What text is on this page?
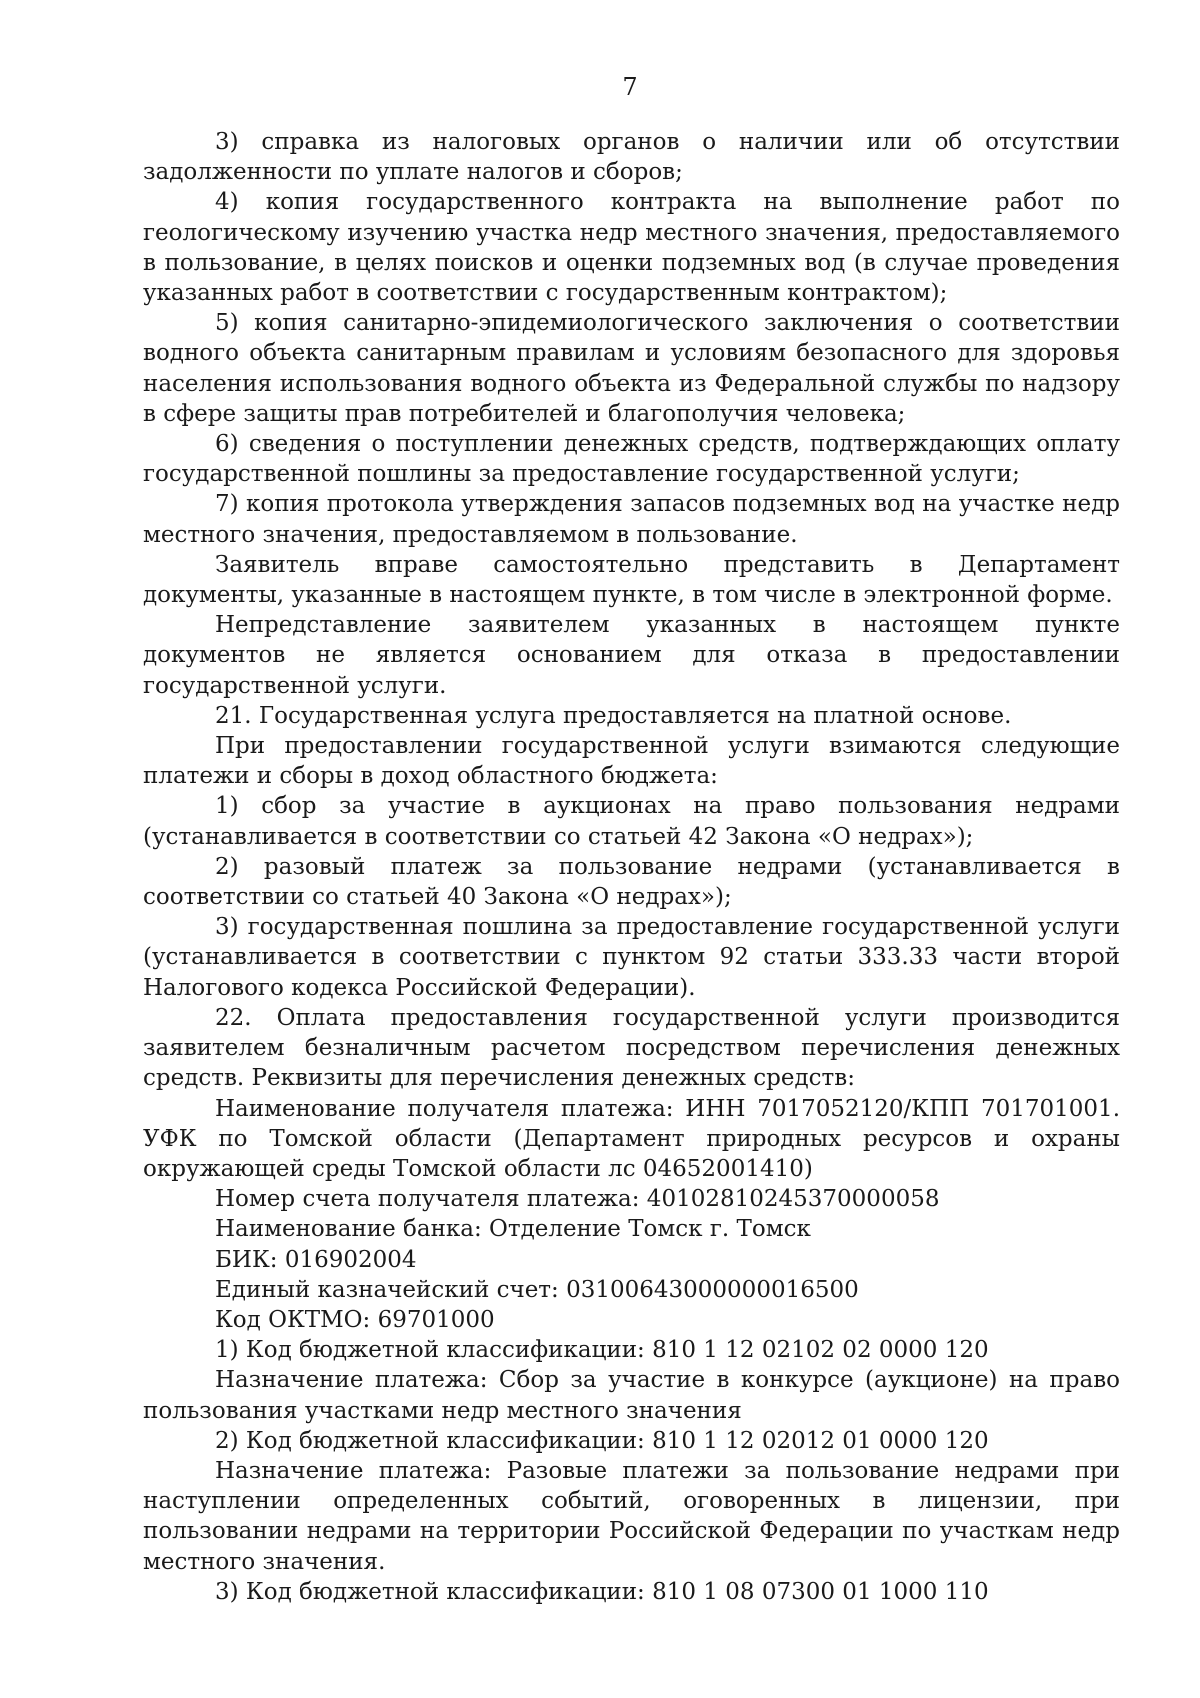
7

3) справка из налоговых органов о наличии или об отсутствии задолженности по уплате налогов и сборов;

4) копия государственного контракта на выполнение работ по геологическому изучению участка недр местного значения, предоставляемого в пользование, в целях поисков и оценки подземных вод (в случае проведения указанных работ в соответствии с государственным контрактом);

5) копия санитарно-эпидемиологического заключения о соответствии водного объекта санитарным правилам и условиям безопасного для здоровья населения использования водного объекта из Федеральной службы по надзору в сфере защиты прав потребителей и благополучия человека;

6) сведения о поступлении денежных средств, подтверждающих оплату государственной пошлины за предоставление государственной услуги;

7) копия протокола утверждения запасов подземных вод на участке недр местного значения, предоставляемом в пользование.

Заявитель вправе самостоятельно представить в Департамент документы, указанные в настоящем пункте, в том числе в электронной форме.

Непредставление заявителем указанных в настоящем пункте документов не является основанием для отказа в предоставлении государственной услуги.

21. Государственная услуга предоставляется на платной основе.

При предоставлении государственной услуги взимаются следующие платежи и сборы в доход областного бюджета:

1) сбор за участие в аукционах на право пользования недрами (устанавливается в соответствии со статьей 42 Закона «О недрах»);

2) разовый платеж за пользование недрами (устанавливается в соответствии со статьей 40 Закона «О недрах»);

3) государственная пошлина за предоставление государственной услуги (устанавливается в соответствии с пунктом 92 статьи 333.33 части второй Налогового кодекса Российской Федерации).

22. Оплата предоставления государственной услуги производится заявителем безналичным расчетом посредством перечисления денежных средств. Реквизиты для перечисления денежных средств:

Наименование получателя платежа: ИНН 7017052120/КПП 701701001. УФК по Томской области (Департамент природных ресурсов и охраны окружающей среды Томской области лс 04652001410)

Номер счета получателя платежа: 40102810245370000058

Наименование банка: Отделение Томск г. Томск

БИК: 016902004

Единый казначейский счет: 03100643000000016500

Код ОКТМО: 69701000

1) Код бюджетной классификации: 810 1 12 02102 02 0000 120

Назначение платежа: Сбор за участие в конкурсе (аукционе) на право пользования участками недр местного значения

2) Код бюджетной классификации: 810 1 12 02012 01 0000 120

Назначение платежа: Разовые платежи за пользование недрами при наступлении определенных событий, оговоренных в лицензии, при пользовании недрами на территории Российской Федерации по участкам недр местного значения.

3) Код бюджетной классификации: 810 1 08 07300 01 1000 110
